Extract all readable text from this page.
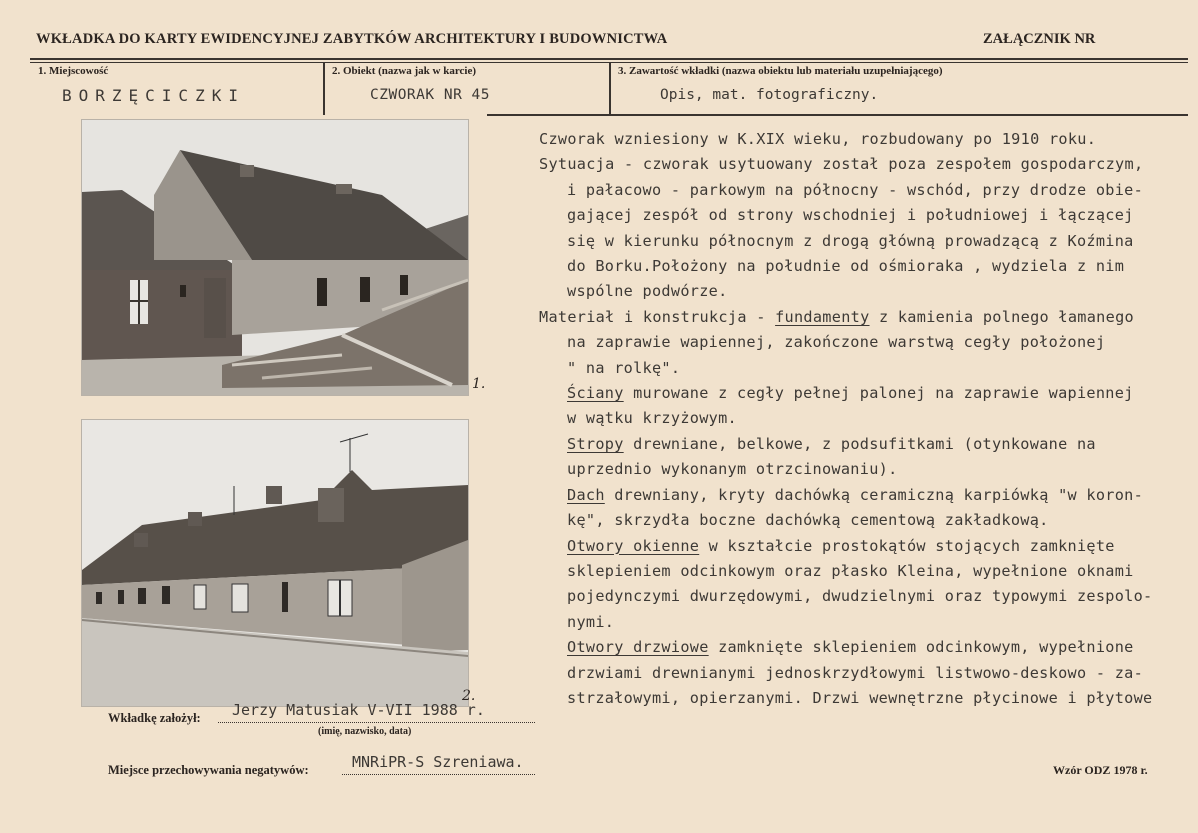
WKŁADKA DO KARTY EWIDENCYJNEJ ZABYTKÓW ARCHITEKTURY I BUDOWNICTWA	ZAŁĄCZNIK NR
1. Miejscowość
BORZĘCICZKI
2. Obiekt (nazwa jak w karcie)
CZWORAK NR 45
3. Zawartość wkładki (nazwa obiektu lub materiału uzupełniającego)
Opis, mat. fotograficzny.
1.
2.
Czworak wzniesiony w K.XIX wieku, rozbudowany po 1910 roku.
Sytuacja - czworak usytuowany został poza zespołem gospodarczym,
i pałacowo - parkowym na północny - wschód, przy drodze obie-
gającej zespół od strony wschodniej i południowej i łączącej
się w kierunku północnym z drogą główną prowadzącą z Koźmina
do Borku.Położony na południe od ośmioraka , wydziela z nim
wspólne podwórze.
Materiał i konstrukcja - fundamenty z kamienia polnego łamanego
na zaprawie wapiennej, zakończone warstwą cegły położonej
" na rolkę".
Ściany murowane z cegły pełnej palonej na zaprawie wapiennej
w wątku krzyżowym.
Stropy drewniane, belkowe, z podsufitkami (otynkowane na
uprzednio wykonanym otrzcinowaniu).
Dach drewniany, kryty dachówką ceramiczną karpiówką "w koron-
kę", skrzydła boczne dachówką cementową zakładkową.
Otwory okienne w kształcie prostokątów stojących zamknięte
sklepieniem odcinkowym oraz płasko Kleina, wypełnione oknami
pojedynczymi dwurzędowymi, dwudzielnymi oraz typowymi zespolo-
nymi.
Otwory drzwiowe zamknięte sklepieniem odcinkowym, wypełnione
drzwiami drewnianymi jednoskrzydłowymi listwowo-deskowo - za-
strzałowymi, opierzanymi. Drzwi wewnętrzne płycinowe i płytowe
Wkładkę założył: Jerzy Matusiak V-VII 1988 r.
(imię, nazwisko, data)
Miejsce przechowywania negatywów:	MNRiPR-S Szreniawa.	Wzór ODZ 1978 r.
